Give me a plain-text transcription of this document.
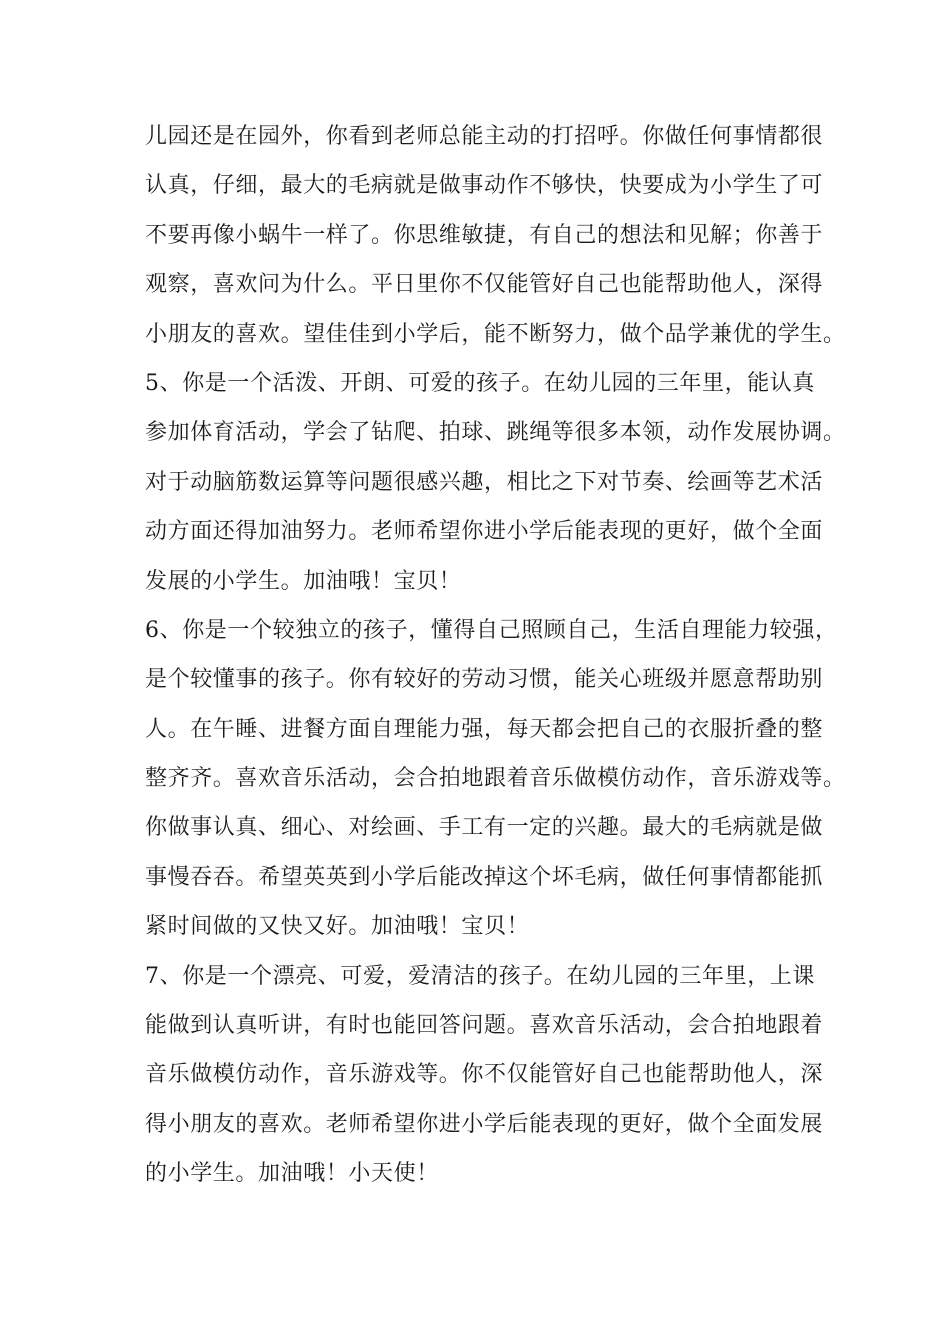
儿园还是在园外，你看到老师总能主动的打招呼。你做任何事情都很
认真，仔细，最大的毛病就是做事动作不够快，快要成为小学生了可
不要再像小蜗牛一样了。你思维敏捷，有自己的想法和见解；你善于
观察，喜欢问为什么。平日里你不仅能管好自己也能帮助他人，深得
小朋友的喜欢。望佳佳到小学后，能不断努力，做个品学兼优的学生。
5、你是一个活泼、开朗、可爱的孩子。在幼儿园的三年里，能认真
参加体育活动，学会了钻爬、拍球、跳绳等很多本领，动作发展协调。
对于动脑筋数运算等问题很感兴趣，相比之下对节奏、绘画等艺术活
动方面还得加油努力。老师希望你进小学后能表现的更好，做个全面
发展的小学生。加油哦！宝贝！
6、你是一个较独立的孩子，懂得自己照顾自己，生活自理能力较强，
是个较懂事的孩子。你有较好的劳动习惯，能关心班级并愿意帮助别
人。在午睡、进餐方面自理能力强，每天都会把自己的衣服折叠的整
整齐齐。喜欢音乐活动，会合拍地跟着音乐做模仿动作，音乐游戏等。
你做事认真、细心、对绘画、手工有一定的兴趣。最大的毛病就是做
事慢吞吞。希望英英到小学后能改掉这个坏毛病，做任何事情都能抓
紧时间做的又快又好。加油哦！宝贝！
7、你是一个漂亮、可爱，爱清洁的孩子。在幼儿园的三年里，上课
能做到认真听讲，有时也能回答问题。喜欢音乐活动，会合拍地跟着
音乐做模仿动作，音乐游戏等。你不仅能管好自己也能帮助他人，深
得小朋友的喜欢。老师希望你进小学后能表现的更好，做个全面发展
的小学生。加油哦！小天使！
